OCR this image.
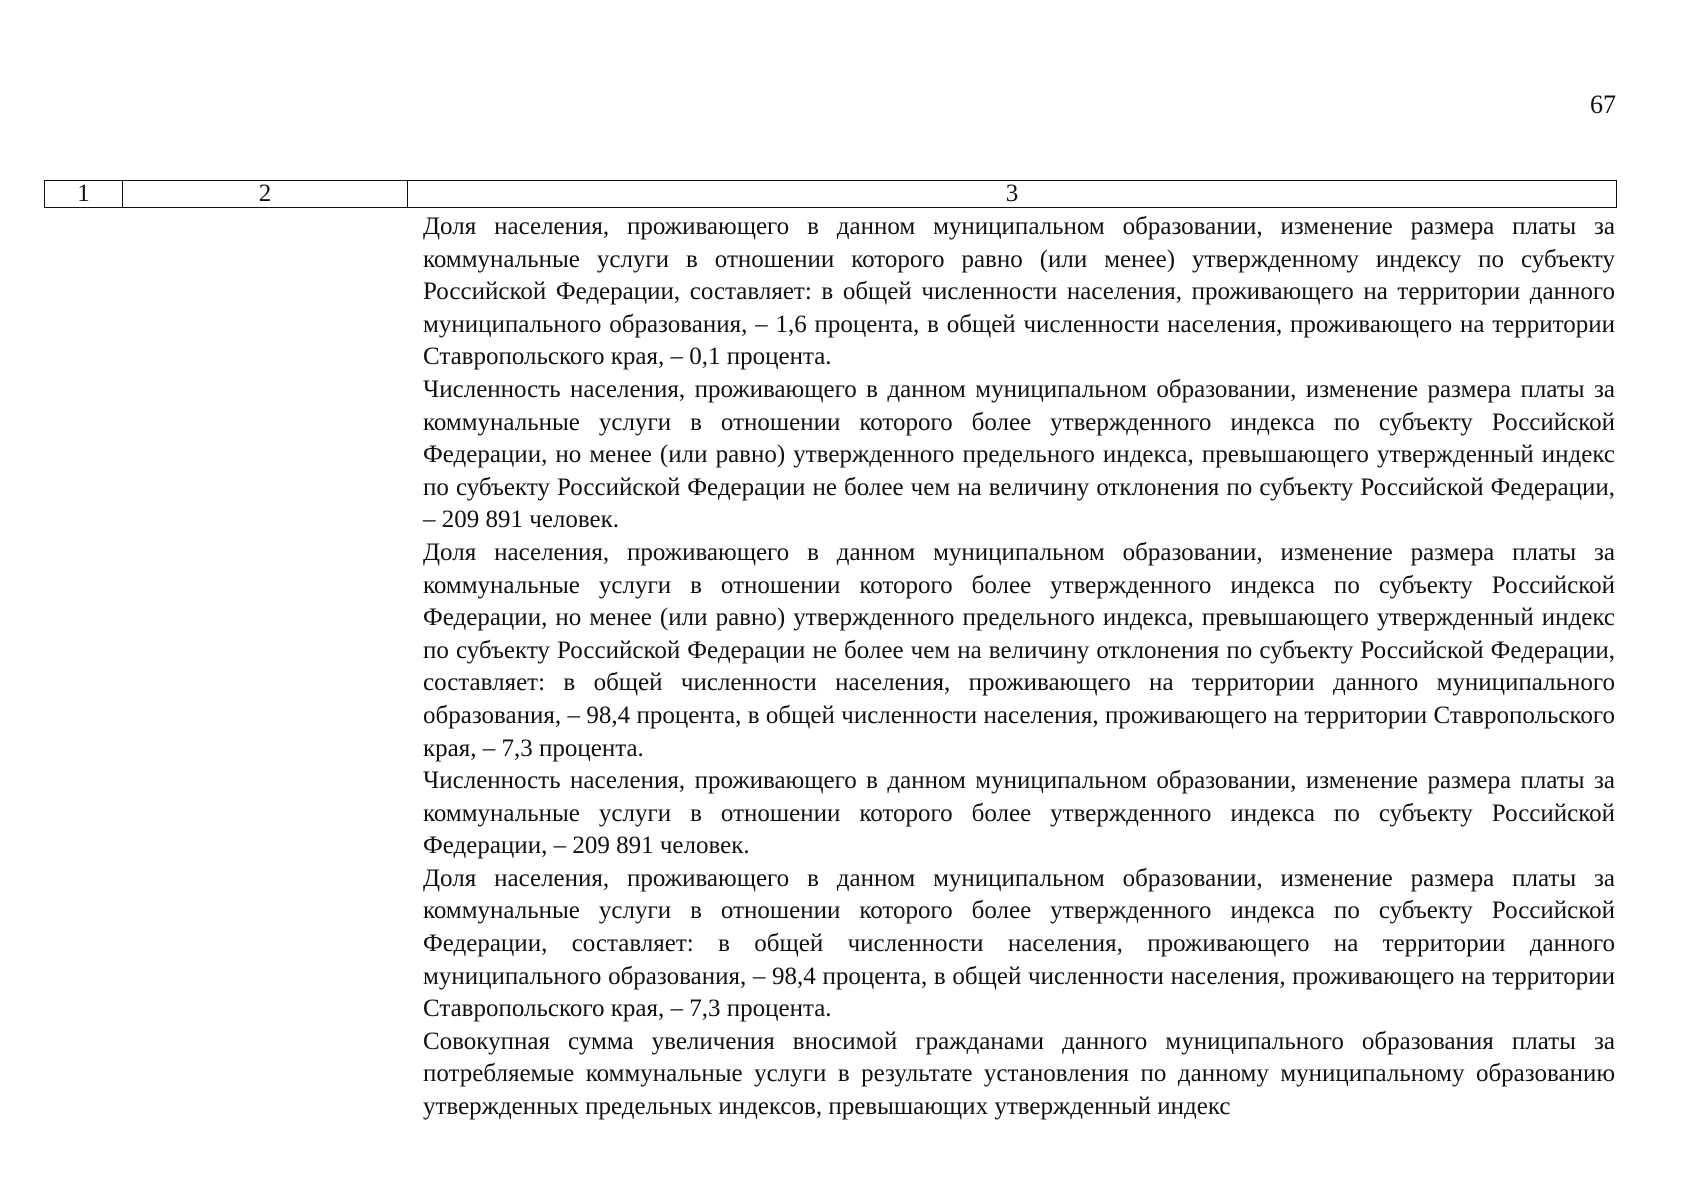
67
1	2	3

Доля населения, проживающего в данном муниципальном образовании, изменение размера платы за коммунальные услуги в отношении которого равно (или менее) утвержденному индексу по субъекту Российской Федерации, составляет: в общей численности населения, проживающего на территории данного муниципального образования, – 1,6 процента, в общей численности населения, проживающего на территории Ставропольского края, – 0,1 процента.

Численность населения, проживающего в данном муниципальном образовании, изменение размера платы за коммунальные услуги в отношении которого более утвержденного индекса по субъекту Российской Федерации, но менее (или равно) утвержденного предельного индекса, превышающего утвержденный индекс по субъекту Российской Федерации не более чем на величину отклонения по субъекту Российской Федерации, – 209 891 человек.

Доля населения, проживающего в данном муниципальном образовании, изменение размера платы за коммунальные услуги в отношении которого более утвержденного индекса по субъекту Российской Федерации, но менее (или равно) утвержденного предельного индекса, превышающего утвержденный индекс по субъекту Российской Федерации не более чем на величину отклонения по субъекту Российской Федерации, составляет: в общей численности населения, проживающего на территории данного муниципального образования, – 98,4 процента, в общей численности населения, проживающего на территории Ставропольского края, – 7,3 процента.

Численность населения, проживающего в данном муниципальном образовании, изменение размера платы за коммунальные услуги в отношении которого более утвержденного индекса по субъекту Российской Федерации, – 209 891 человек.

Доля населения, проживающего в данном муниципальном образовании, изменение размера платы за коммунальные услуги в отношении которого более утвержденного индекса по субъекту Российской Федерации, составляет: в общей численности населения, проживающего на территории данного муниципального образования, – 98,4 процента, в общей численности населения, проживающего на территории Ставропольского края, – 7,3 процента.

Совокупная сумма увеличения вносимой гражданами данного муниципального образования платы за потребляемые коммунальные услуги в результате установления по данному муниципальному образованию утвержденных предельных индексов, превышающих утвержденный индекс
